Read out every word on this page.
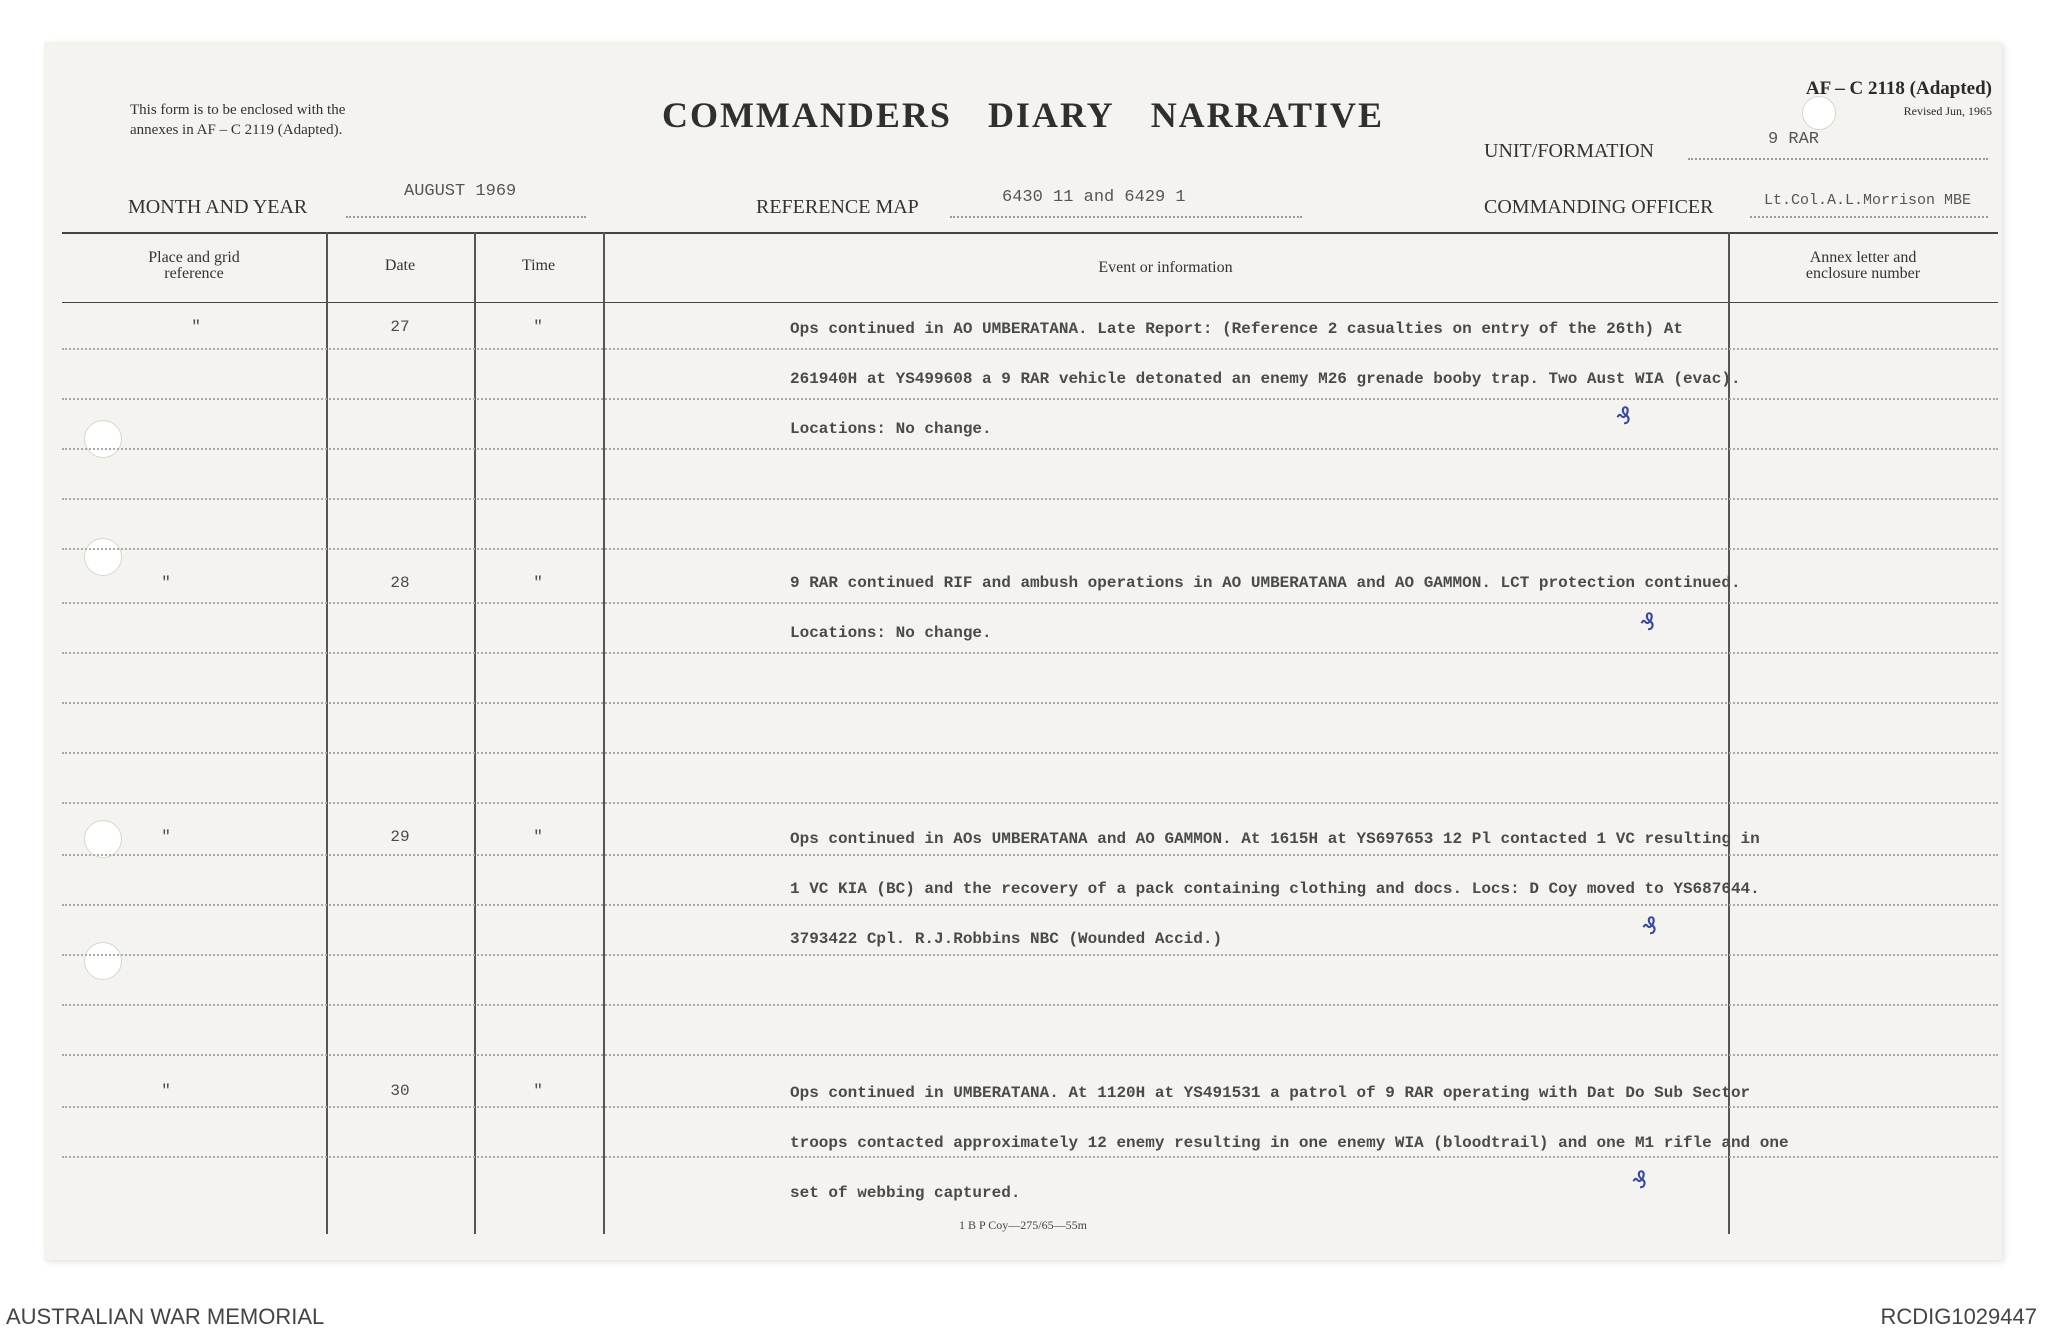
This form is to be enclosed with the
annexes in AF – C 2119 (Adapted).	COMMANDERS DIARY NARRATIVE
AF – C 2118 (Adapted)
Revised Jun, 1965
UNIT/FORMATION
9 RAR
MONTH AND YEAR
AUGUST 1969
REFERENCE MAP	6430 11 and 6429 1	COMMANDING OFFICER	Lt.Col.A.L.Morrison MBE
Place and grid
reference	Date	Time	Event or information
Annex letter and
enclosure number
"	27	"	Ops continued in AO UMBERATANA. Late Report: (Reference 2 casualties on entry of the 26th) At
261940H at YS499608 a 9 RAR vehicle detonated an enemy M26 grenade booby trap. Two Aust WIA (evac).
Locations: No change.	₰
"	28	"	9 RAR continued RIF and ambush operations in AO UMBERATANA and AO GAMMON. LCT protection continued.
Locations: No change.	₰
"	29	"	Ops continued in AOs UMBERATANA and AO GAMMON. At 1615H at YS697653 12 Pl contacted 1 VC resulting in
1 VC KIA (BC) and the recovery of a pack containing clothing and docs. Locs: D Coy moved to YS687644.
3793422 Cpl. R.J.Robbins NBC (Wounded Accid.)	₰
"	30	"	Ops continued in UMBERATANA. At 1120H at YS491531 a patrol of 9 RAR operating with Dat Do Sub Sector
troops contacted approximately 12 enemy resulting in one enemy WIA (bloodtrail) and one M1 rifle and one
set of webbing captured.	₰
1 B P Coy—275/65—55m
AUSTRALIAN WAR MEMORIAL	RCDIG1029447
